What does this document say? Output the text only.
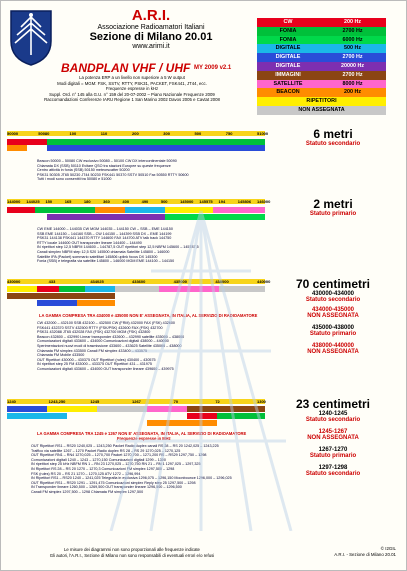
A.R.I.
Associazione Radioamatori Italiani
Sezione di Milano 20.01
www.arimi.it
BANDPLAN VHF / UHF MY 2009 v2.1
CW	200 Hz
FONIA	2700 Hz
FONIA	6000 Hz
DIGITALE	500 Hz
DIGITALE	2700 Hz
DIGITALE	20000 Hz
IMMAGINI	2700 Hz
SATELLITE	8000 Hz
BEACON	200 Hz
RIPETITORI
NON ASSEGNATA
La potenza ERP a un livello non superiore a 5 W output
Modi digitali = MGM: FSK, SSTV, RTTY, PSK31, PACKET, FSK441, JT44, ecc.
Frequenze espresse in kHz
Suppl. Ord. n° 145 alla G.U. n° 159 del 20-07-2002 – Piano Nazionale Frequenze 2009
Raccomandazioni Conferenze IARU Regione 1 San Marino 2002 Davos 2005 e Cavtat 2008
50000	50080	100	110	200	300	500	750	51000	6 metri
Statuto secondario
Beacon 50000 – 50080 CW esclusivo 50080 – 50100 CW DX intercontinentale 50090
Chiamata DX (SSB) 50110 Evitare QSO tra stazioni Europee su queste frequenze
Centro attività in fonia (SSB) 50150 meteorscatter 50200
PSK31 50305 JT65 50230 JT44 50230 FSK441 50370 SSTV 50510 Fax 50550 RTTY 50600
Tutti i modi sono consentiti tra 50080 e 51000
144000 144025 150	165	180	360	400	490	500	145000 145575 194	145806 146000	2 metri
Statuto primario
CW EME 144000 – 144035 CW MGM 144035 – 144150 CW – SSB – EME 144150
SSB EME 144150 – 144160 SSB – CW 144150 – 144399 SSB DX – EME 144199
PSK31 144138 FSK441 144370 RTTY 144600 FAX 144700 ATV talk back 144750
RTTY locale 144600 OUT transponder lineare 144400 – 144490
IN ripetitori step 12,5 NBFM 144600 – 144787,5 OUT ripetitori step 12,5 NBFM 145600 – 145787,5
Canali simplex NBFM step 12,5 S20 145500 chiamata Satellite 145800 – 146000
Satellite IPA (Packet) sommario satellitari 145806 uplink focus DX 145300
Fonia (SSB) e telegrafia via satellite 145800 – 146000 MGM EME 144100 – 144150
430000	433	434025	433600	435000	438000	440000
LA GAMMA COMPRESA TRA 434000 e 435000 NON E' ASSEGNATA, IN ITALIA, AL SERVIZIO DI RADIOAMATORE
70 centimetri
430000-434000
Statuto secondario
434000-435000
NON ASSEGNATA
435000-438000
Statuto primario
438000-440000
NON ASSEGNATA
CW 432000 – 432100 SSB 432100 – 432500 CW (FRM) 432000 FAX (FSK) 432600
FSK441 432370 SSTV 432500 RTTY (FSK/PSK) 432600 FAX (FSK) 432700
PSK31 432088 JT65 432028 FAX (FSK) 432700 MGM (FSK) 432800
Beacon 432800 – 432990 Linear transponder 432600 – 432990 satellite 435000 – 438000
Comunicazioni digitali 433600 – 434000 Comunicazioni digitali 438000 – 440000
Sperimentazioni nuovi modi di trasmissione 433600 – 433625 Satellite 435000 – 438000
Chiamata FM simplex 433500 Canali FM simplex 433400 – 433575
Chiamata FM Mobile 433500
OUT Ripetitori 430000 – 430375 OUT Ripetitori (rules) 430400 – 430575
IN ripetitori step 25 FM 433000 – 433375 OUT Ripetitori 431 – 431975
Comunicazioni digitali 433600 – 434000 OUT transponder lineare 439600 – 439975
1240	1243,250	1245	1267	70	72	1300
LA GAMMA COMPRESA TRA 1245 e 1267 NON E' ASSEGNATA, IN ITALIA, AL SERVIZIO DI RADIOAMATORE
Frequenze espresse in MHz
23 centimetri
1240-1245
Statuto secondario
1245-1267
NON ASSEGNATA
1267-1270
Statuto primario
1297-1298
Statuto secondario
OUT Ripetitori RS1 – RS20 1240,025 – 1243,250 Packet Radio duplex canali RS 28 – RS 20 1242,025 – 1243,225
Traffico via satellite 1267 – 1270 Packet Radio duplex RS 28 – RS 29 1270,025 – 1270,125
OUT Ripetitori RN1 – RN4 1270,025 – 1270,700 Packet 1270,700 – 1271,200 RS – RS29 1297,750 – 1298
Comunicazioni digitali 1240 – 1243 – 1270,150 Comunicazioni digitali 1299 – 1300
IN ripetitori step 25 kHz NBFM RN 1 – RN 23 1270,025 – 1270,750 RN 21 – RN 1 1297,025 – 1297,325
IN Ripetitori RS 28 – RS 20 1270 – 1270,3 Comunicazioni FM simplex 1297,500 – 1298
FSK (rules) RS 20 – RS 21 1270 – 1270,125 ATV 1272 – 1296,994
IN Ripetitori RS1 – RS20 1240 – 1241,025 Telegrafia in esclusiva 1296,075 – 1296,150 Moonbounce 1296,000 – 1296,025
OUT Ripetitori RS1 – RS20 1291 – 1291,475 Comunicazioni simplex Reply step 25 1297,500 – 1298
IN Transponder lineare 1260,500 – 1269,500 OUT transponder lineare 1296,500 – 1296,500
Canali FM simplex 1297,500 – 1298 Chiamata FM simplex 1297,500
Le misure dei diagrammi non sono proporzionali alle frequenze indicate
Gli autori, l'A.R.I., Sezione di Milano non sono responsabili di eventuali errori e/o refusi
© I2GIL
A.R.I. - Sezione di Milano 20.01
